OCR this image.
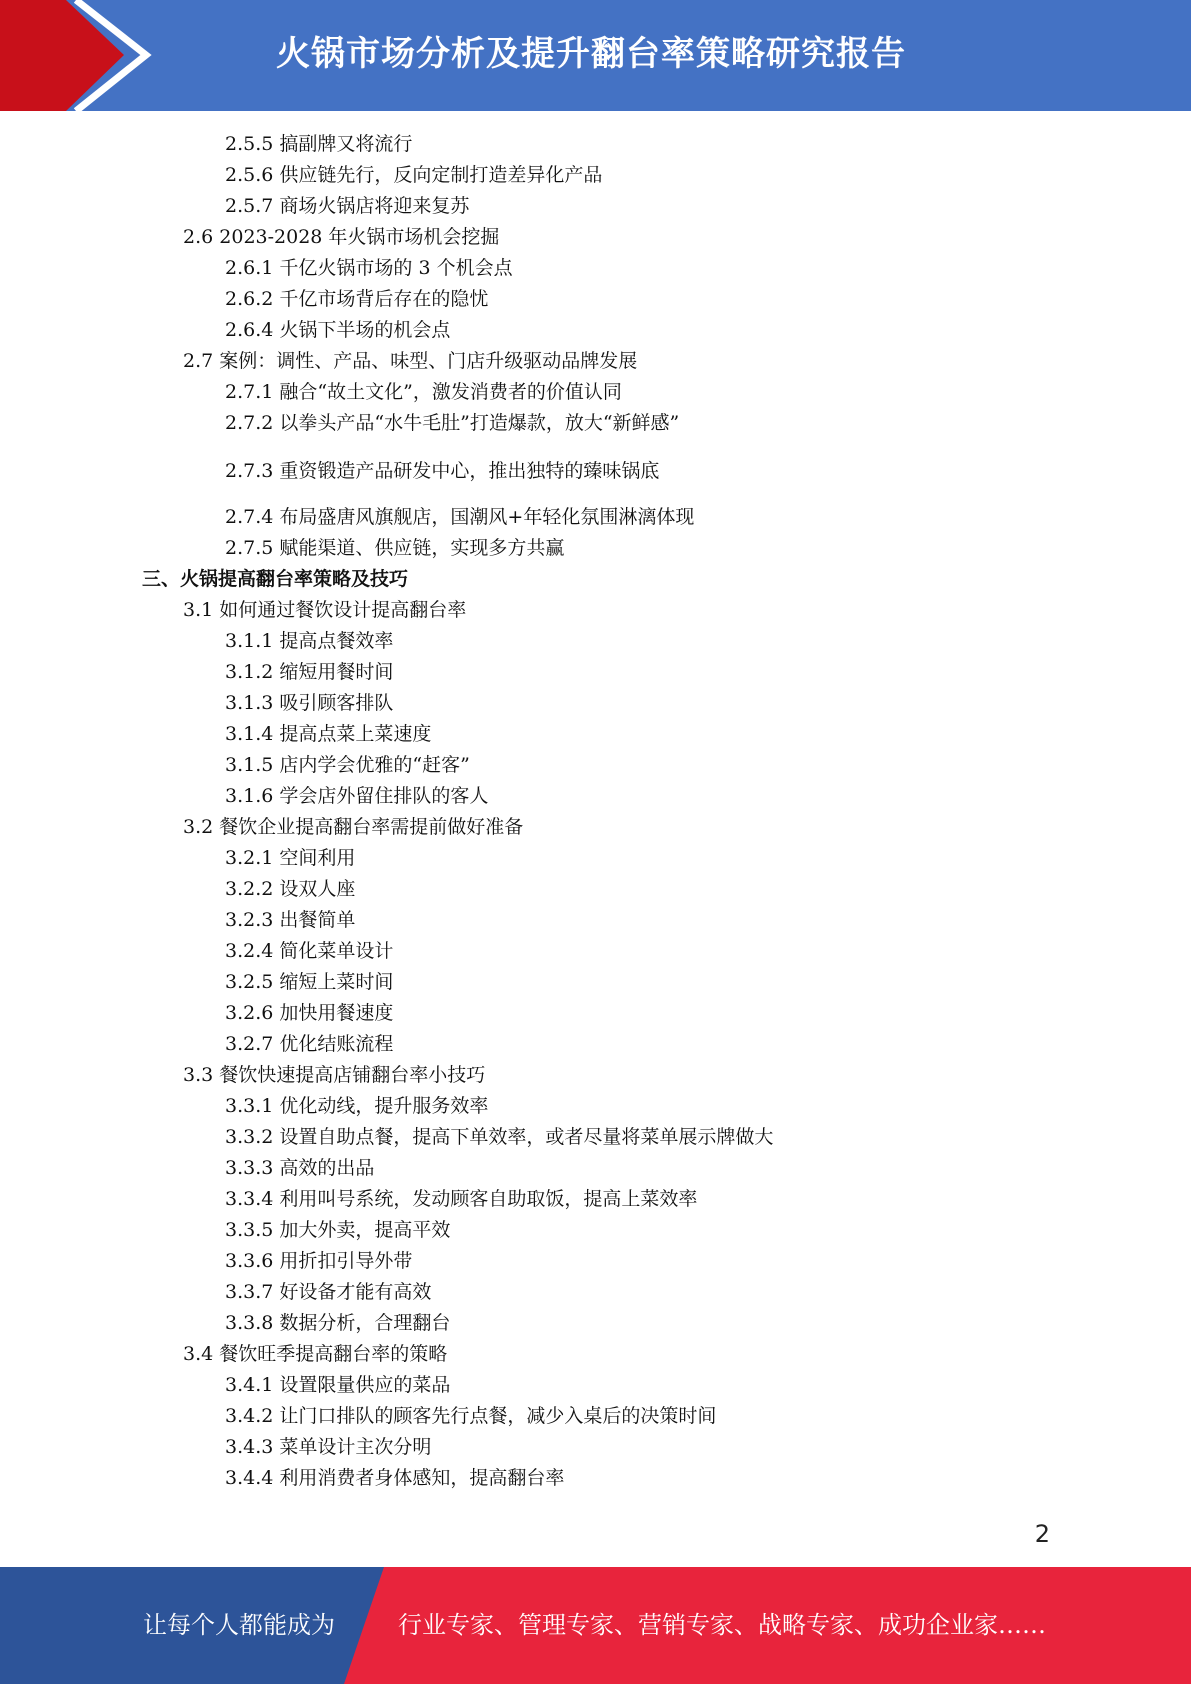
火锅市场分析及提升翻台率策略研究报告
2.5.5 搞副牌又将流行
2.5.6 供应链先行，反向定制打造差异化产品
2.5.7 商场火锅店将迎来复苏
2.6 2023-2028 年火锅市场机会挖掘
2.6.1 千亿火锅市场的 3 个机会点
2.6.2 千亿市场背后存在的隐忧
2.6.4 火锅下半场的机会点
2.7 案例：调性、产品、味型、门店升级驱动品牌发展
2.7.1 融合“故土文化”，激发消费者的价值认同
2.7.2 以拳头产品“水牛毛肚”打造爆款，放大“新鲜感”
2.7.3 重资锻造产品研发中心，推出独特的臻味锅底
2.7.4 布局盛唐风旗舰店，国潮风+年轻化氛围淋漓体现
2.7.5 赋能渠道、供应链，实现多方共赢
三、火锅提高翻台率策略及技巧
3.1 如何通过餐饮设计提高翻台率
3.1.1 提高点餐效率
3.1.2 缩短用餐时间
3.1.3 吸引顾客排队
3.1.4 提高点菜上菜速度
3.1.5 店内学会优雅的“赶客”
3.1.6 学会店外留住排队的客人
3.2 餐饮企业提高翻台率需提前做好准备
3.2.1 空间利用
3.2.2 设双人座
3.2.3 出餐简单
3.2.4 简化菜单设计
3.2.5 缩短上菜时间
3.2.6 加快用餐速度
3.2.7 优化结账流程
3.3 餐饮快速提高店铺翻台率小技巧
3.3.1 优化动线，提升服务效率
3.3.2 设置自助点餐，提高下单效率，或者尽量将菜单展示牌做大
3.3.3 高效的出品
3.3.4 利用叫号系统，发动顾客自助取饭，提高上菜效率
3.3.5 加大外卖，提高平效
3.3.6 用折扣引导外带
3.3.7 好设备才能有高效
3.3.8 数据分析，合理翻台
3.4 餐饮旺季提高翻台率的策略
3.4.1 设置限量供应的菜品
3.4.2 让门口排队的顾客先行点餐，减少入桌后的决策时间
3.4.3 菜单设计主次分明
3.4.4 利用消费者身体感知，提高翻台率
2
让每个人都能成为	行业专家、管理专家、营销专家、战略专家、成功企业家……
